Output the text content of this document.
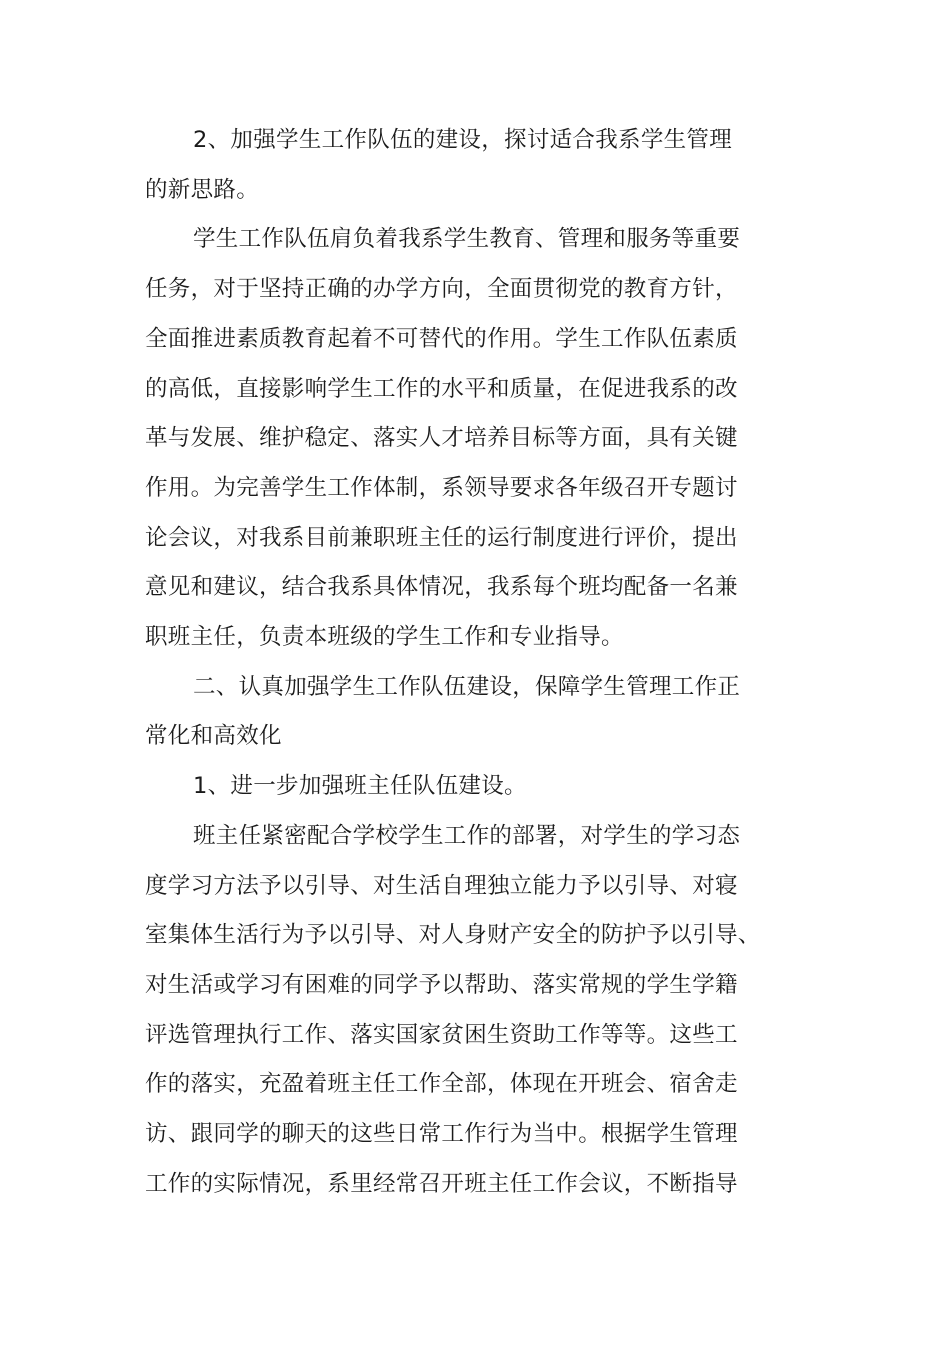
2、加强学生工作队伍的建设，探讨适合我系学生管理
的新思路。
学生工作队伍肩负着我系学生教育、管理和服务等重要
任务，对于坚持正确的办学方向，全面贯彻党的教育方针，
全面推进素质教育起着不可替代的作用。学生工作队伍素质
的高低，直接影响学生工作的水平和质量，在促进我系的改
革与发展、维护稳定、落实人才培养目标等方面，具有关键
作用。为完善学生工作体制，系领导要求各年级召开专题讨
论会议，对我系目前兼职班主任的运行制度进行评价，提出
意见和建议，结合我系具体情况，我系每个班均配备一名兼
职班主任，负责本班级的学生工作和专业指导。
二、认真加强学生工作队伍建设，保障学生管理工作正
常化和高效化
1、进一步加强班主任队伍建设。
班主任紧密配合学校学生工作的部署，对学生的学习态
度学习方法予以引导、对生活自理独立能力予以引导、对寝
室集体生活行为予以引导、对人身财产安全的防护予以引导、
对生活或学习有困难的同学予以帮助、落实常规的学生学籍
评选管理执行工作、落实国家贫困生资助工作等等。这些工
作的落实，充盈着班主任工作全部，体现在开班会、宿舍走
访、跟同学的聊天的这些日常工作行为当中。根据学生管理
工作的实际情况，系里经常召开班主任工作会议，不断指导
